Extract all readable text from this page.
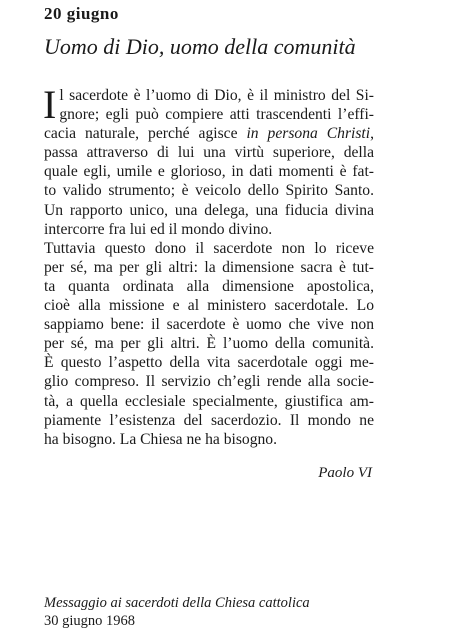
20 giugno
Uomo di Dio, uomo della comunità
I l sacerdote è l’uomo di Dio, è il ministro del Si-
gnore; egli può compiere atti trascendenti l’effi-
cacia naturale, perché agisce in persona Christi,
passa attraverso di lui una virtù superiore, della
quale egli, umile e glorioso, in dati momenti è fat-
to valido strumento; è veicolo dello Spirito Santo.
Un rapporto unico, una delega, una fiducia divina
intercorre fra lui ed il mondo divino.
Tuttavia questo dono il sacerdote non lo riceve
per sé, ma per gli altri: la dimensione sacra è tut-
ta quanta ordinata alla dimensione apostolica,
cioè alla missione e al ministero sacerdotale. Lo
sappiamo bene: il sacerdote è uomo che vive non
per sé, ma per gli altri. È l’uomo della comunità.
È questo l’aspetto della vita sacerdotale oggi me-
glio compreso. Il servizio ch’egli rende alla socie-
tà, a quella ecclesiale specialmente, giustifica am-
piamente l’esistenza del sacerdozio. Il mondo ne
ha bisogno. La Chiesa ne ha bisogno.
Paolo VI
Messaggio ai sacerdoti della Chiesa cattolica
30 giugno 1968
